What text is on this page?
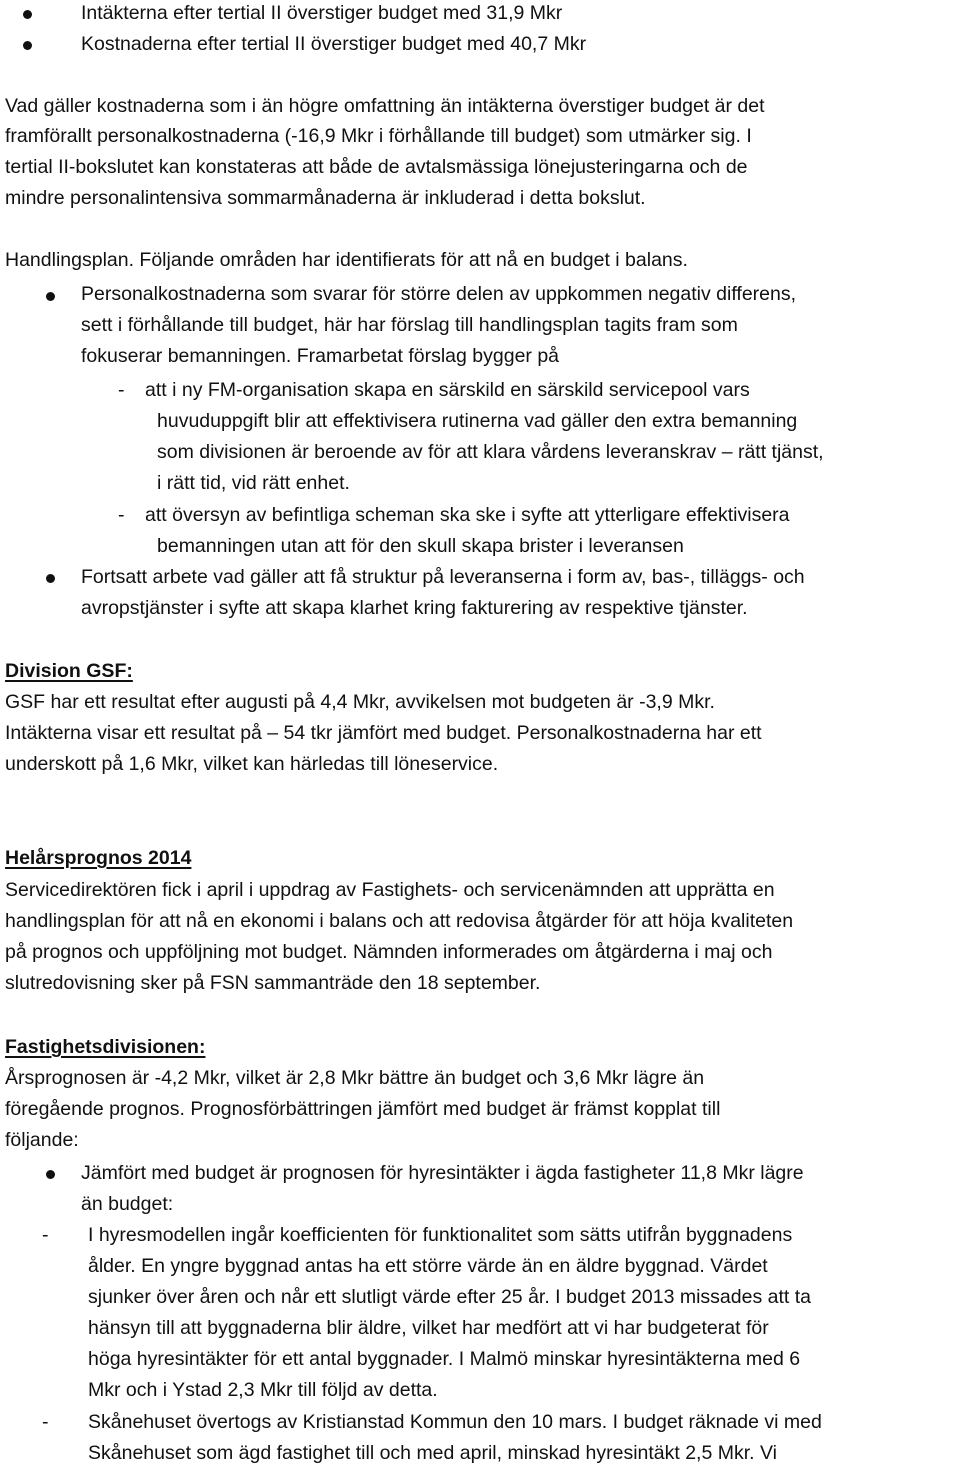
-
-
-
-
Intäkterna efter tertial II överstiger budget med 31,9 Mkr
Kostnaderna efter tertial II överstiger budget med 40,7 Mkr
Vad gäller kostnaderna som i än högre omfattning än intäkterna överstiger budget är det
framförallt personalkostnaderna (-16,9 Mkr i förhållande till budget) som utmärker sig. I
tertial II-bokslutet kan konstateras att både de avtalsmässiga lönejusteringarna och de
mindre personalintensiva sommarmånaderna är inkluderad i detta bokslut.
Handlingsplan. Följande områden har identifierats för att nå en budget i balans.
Personalkostnaderna som svarar för större delen av uppkommen negativ differens,
sett i förhållande till budget, här har förslag till handlingsplan tagits fram som
fokuserar bemanningen. Framarbetat förslag bygger på
att i ny FM-organisation skapa en särskild en särskild servicepool vars
huvuduppgift blir att effektivisera rutinerna vad gäller den extra bemanning
som divisionen är beroende av för att klara vårdens leveranskrav – rätt tjänst,
i rätt tid, vid rätt enhet.
att översyn av befintliga scheman ska ske i syfte att ytterligare effektivisera
bemanningen utan att för den skull skapa brister i leveransen
Fortsatt arbete vad gäller att få struktur på leveranserna i form av, bas-, tilläggs- och
avropstjänster i syfte att skapa klarhet kring fakturering av respektive tjänster.
Division GSF:
GSF har ett resultat efter augusti på 4,4 Mkr, avvikelsen mot budgeten är -3,9 Mkr.
Intäkterna visar ett resultat på – 54 tkr jämfört med budget. Personalkostnaderna har ett
underskott på 1,6 Mkr, vilket kan härledas till löneservice.
Helårsprognos 2014
Servicedirektören fick i april i uppdrag av Fastighets- och servicenämnden att upprätta en
handlingsplan för att nå en ekonomi i balans och att redovisa åtgärder för att höja kvaliteten
på prognos och uppföljning mot budget. Nämnden informerades om åtgärderna i maj och
slutredovisning sker på FSN sammanträde den 18 september.
Fastighetsdivisionen:
Årsprognosen är -4,2 Mkr, vilket är 2,8 Mkr bättre än budget och 3,6 Mkr lägre än
föregående prognos. Prognosförbättringen jämfört med budget är främst kopplat till
följande:
Jämfört med budget är prognosen för hyresintäkter i ägda fastigheter 11,8 Mkr lägre
än budget:
I hyresmodellen ingår koefficienten för funktionalitet som sätts utifrån byggnadens
ålder. En yngre byggnad antas ha ett större värde än en äldre byggnad. Värdet
sjunker över åren och når ett slutligt värde efter 25 år. I budget 2013 missades att ta
hänsyn till att byggnaderna blir äldre, vilket har medfört att vi har budgeterat för
höga hyresintäkter för ett antal byggnader. I Malmö minskar hyresintäkterna med 6
Mkr och i Ystad 2,3 Mkr till följd av detta.
Skånehuset övertogs av Kristianstad Kommun den 10 mars. I budget räknade vi med
Skånehuset som ägd fastighet till och med april, minskad hyresintäkt 2,5 Mkr. Vi
